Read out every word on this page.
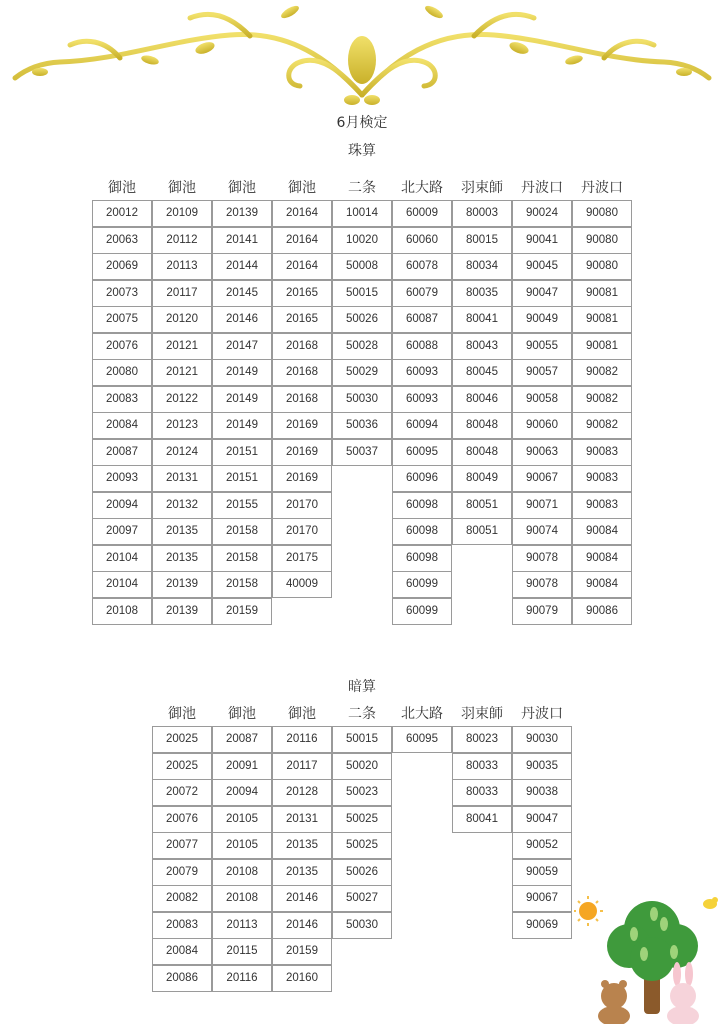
6月検定
珠算
御池
20012
20063
20069
20073
20075
20076
20080
20083
20084
20087
20093
20094
20097
20104
20104
20108
御池
20109
20112
20113
20117
20120
20121
20121
20122
20123
20124
20131
20132
20135
20135
20139
20139
御池
20139
20141
20144
20145
20146
20147
20149
20149
20149
20151
20151
20155
20158
20158
20158
20159
御池
20164
20164
20164
20165
20165
20168
20168
20168
20169
20169
20169
20170
20170
20175
40009
二条
10014
10020
50008
50015
50026
50028
50029
50030
50036
50037
北大路
60009
60060
60078
60079
60087
60088
60093
60093
60094
60095
60096
60098
60098
60098
60099
60099
羽束師
80003
80015
80034
80035
80041
80043
80045
80046
80048
80048
80049
80051
80051
丹波口
90024
90041
90045
90047
90049
90055
90057
90058
90060
90063
90067
90071
90074
90078
90078
90079
丹波口
90080
90080
90080
90081
90081
90081
90082
90082
90082
90083
90083
90083
90084
90084
90084
90086
暗算
御池
20025
20025
20072
20076
20077
20079
20082
20083
20084
20086
御池
20087
20091
20094
20105
20105
20108
20108
20113
20115
20116
御池
20116
20117
20128
20131
20135
20135
20146
20146
20159
20160
二条
50015
50020
50023
50025
50025
50026
50027
50030
北大路
60095
羽束師
80023
80033
80033
80041
丹波口
90030
90035
90038
90047
90052
90059
90067
90069
